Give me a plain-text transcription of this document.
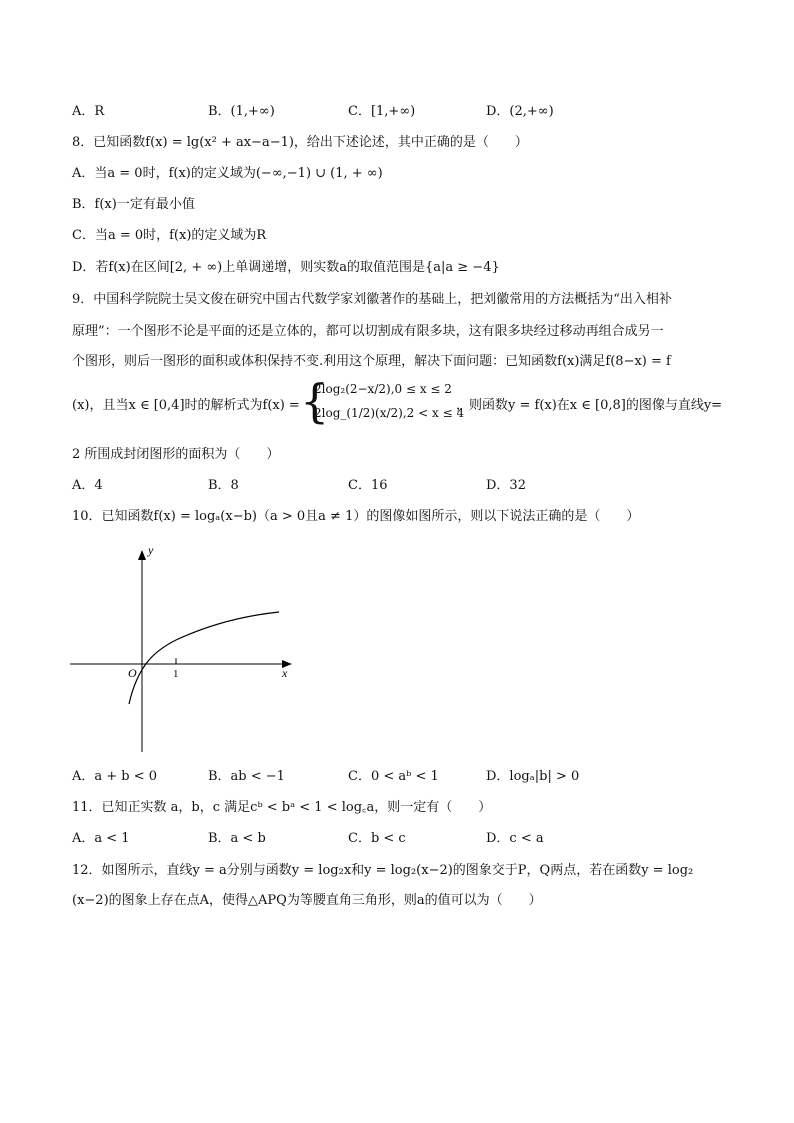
A．R	B．(1,+∞)	C．[1,+∞)	D．(2,+∞)
8．已知函数f(x) = lg(x² + ax−a−1)，给出下述论述，其中正确的是（　　）
A．当a = 0时，f(x)的定义域为(−∞,−1) ∪ (1, + ∞)
B．f(x)一定有最小值
C．当a = 0时，f(x)的定义域为R
D．若f(x)在区间[2, + ∞)上单调递增，则实数a的取值范围是{a|a ≥ −4}
9．中国科学院院士吴文俊在研究中国古代数学家刘徽著作的基础上，把刘徽常用的方法概括为“出入相补
原理”：一个图形不论是平面的还是立体的，都可以切割成有限多块，这有限多块经过移动再组合成另一
个图形，则后一图形的面积或体积保持不变.利用这个原理，解决下面问题：已知函数f(x)满足f(8−x) = f
(x)，且当x ∈ [0,4]时的解析式为f(x) = {
2log₂(2−x/2),0 ≤ x ≤ 2
2log_(1/2)(x/2),2 < x ≤ 4
，则函数y = f(x)在x ∈ [0,8]的图像与直线y=
2 所围成封闭图形的面积为（　　）
A．4	B．8	C．16	D．32
10．已知函数f(x) = logₐ(x−b)（a > 0且a ≠ 1）的图像如图所示，则以下说法正确的是（　　）
y
x
O	1
A．a + b < 0	B．ab < −1	C．0 < aᵇ < 1	D．logₐ|b| > 0
11．已知正实数 a，b，c 满足cᵇ < bᵃ < 1 < log꜀a，则一定有（　　）
A．a < 1	B．a < b	C．b < c	D．c < a
12．如图所示，直线y = a分别与函数y = log₂x和y = log₂(x−2)的图象交于P，Q两点，若在函数y = log₂
(x−2)的图象上存在点A，使得△APQ为等腰直角三角形，则a的值可以为（　　）
